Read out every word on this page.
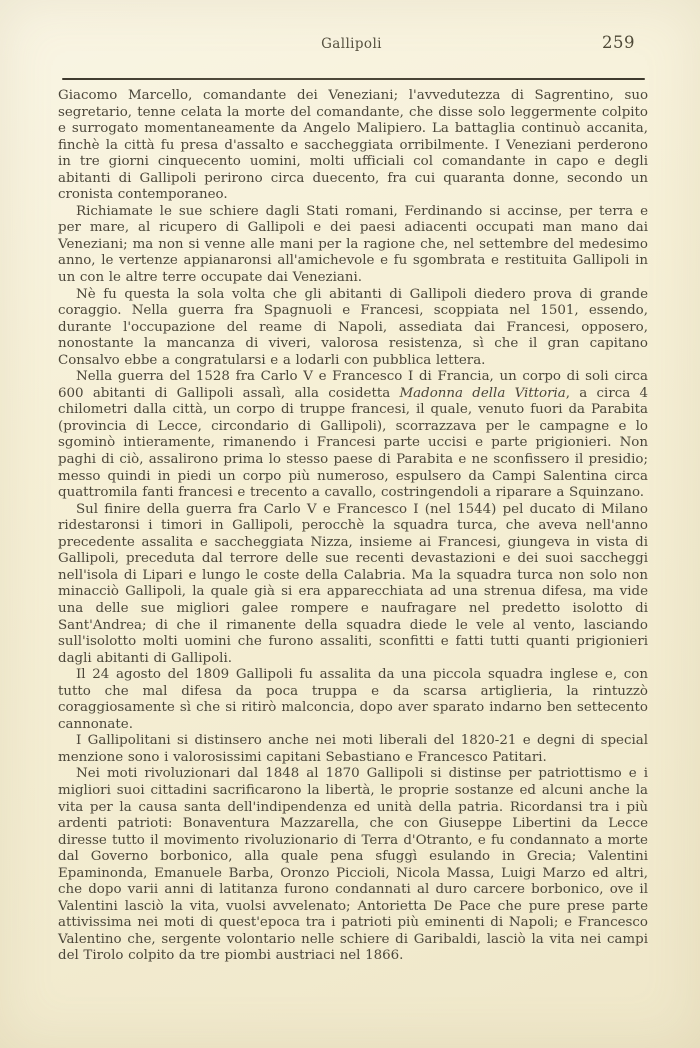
Gallipoli	259

Giacomo Marcello, comandante dei Veneziani; l'avvedutezza di Sagrentino, suo segretario, tenne celata la morte del comandante, che disse solo leggermente colpito e surrogato momentaneamente da Angelo Malipiero. La battaglia continuò accanita, finchè la città fu presa d'assalto e saccheggiata orribilmente. I Veneziani perderono in tre giorni cinquecento uomini, molti ufficiali col comandante in capo e degli abitanti di Gallipoli perirono circa duecento, fra cui quaranta donne, secondo un cronista contemporaneo.

Richiamate le sue schiere dagli Stati romani, Ferdinando si accinse, per terra e per mare, al ricupero di Gallipoli e dei paesi adiacenti occupati man mano dai Veneziani; ma non si venne alle mani per la ragione che, nel settembre del medesimo anno, le vertenze appianaronsi all'amichevole e fu sgombrata e restituita Gallipoli in un con le altre terre occupate dai Veneziani.

Nè fu questa la sola volta che gli abitanti di Gallipoli diedero prova di grande coraggio. Nella guerra fra Spagnuoli e Francesi, scoppiata nel 1501, essendo, durante l'occupazione del reame di Napoli, assediata dai Francesi, opposero, nonostante la mancanza di viveri, valorosa resistenza, sì che il gran capitano Consalvo ebbe a congratularsi e a lodarli con pubblica lettera.

Nella guerra del 1528 fra Carlo V e Francesco I di Francia, un corpo di soli circa 600 abitanti di Gallipoli assalì, alla cosidetta Madonna della Vittoria, a circa 4 chilometri dalla città, un corpo di truppe francesi, il quale, venuto fuori da Parabita (provincia di Lecce, circondario di Gallipoli), scorrazzava per le campagne e lo sgominò intieramente, rimanendo i Francesi parte uccisi e parte prigionieri. Non paghi di ciò, assalirono prima lo stesso paese di Parabita e ne sconfissero il presidio; messo quindi in piedi un corpo più numeroso, espulsero da Campi Salentina circa quattromila fanti francesi e trecento a cavallo, costringendoli a riparare a Squinzano.

Sul finire della guerra fra Carlo V e Francesco I (nel 1544) pel ducato di Milano ridestaronsi i timori in Gallipoli, perocchè la squadra turca, che aveva nell'anno precedente assalita e saccheggiata Nizza, insieme ai Francesi, giungeva in vista di Gallipoli, preceduta dal terrore delle sue recenti devastazioni e dei suoi saccheggi nell'isola di Lipari e lungo le coste della Calabria. Ma la squadra turca non solo non minacciò Gallipoli, la quale già si era apparecchiata ad una strenua difesa, ma vide una delle sue migliori galee rompere e naufragare nel predetto isolotto di Sant'Andrea; di che il rimanente della squadra diede le vele al vento, lasciando sull'isolotto molti uomini che furono assaliti, sconfitti e fatti tutti quanti prigionieri dagli abitanti di Gallipoli.

Il 24 agosto del 1809 Gallipoli fu assalita da una piccola squadra inglese e, con tutto che mal difesa da poca truppa e da scarsa artiglieria, la rintuzzò coraggiosamente sì che si ritirò malconcia, dopo aver sparato indarno ben settecento cannonate.

I Gallipolitani si distinsero anche nei moti liberali del 1820-21 e degni di special menzione sono i valorosissimi capitani Sebastiano e Francesco Patitari.

Nei moti rivoluzionari dal 1848 al 1870 Gallipoli si distinse per patriottismo e i migliori suoi cittadini sacrificarono la libertà, le proprie sostanze ed alcuni anche la vita per la causa santa dell'indipendenza ed unità della patria. Ricordansi tra i più ardenti patrioti: Bonaventura Mazzarella, che con Giuseppe Libertini da Lecce diresse tutto il movimento rivoluzionario di Terra d'Otranto, e fu condannato a morte dal Governo borbonico, alla quale pena sfuggì esulando in Grecia; Valentini Epaminonda, Emanuele Barba, Oronzo Piccioli, Nicola Massa, Luigi Marzo ed altri, che dopo varii anni di latitanza furono condannati al duro carcere borbonico, ove il Valentini lasciò la vita, vuolsi avvelenato; Antorietta De Pace che pure prese parte attivissima nei moti di quest'epoca tra i patrioti più eminenti di Napoli; e Francesco Valentino che, sergente volontario nelle schiere di Garibaldi, lasciò la vita nei campi del Tirolo colpito da tre piombi austriaci nel 1866.
